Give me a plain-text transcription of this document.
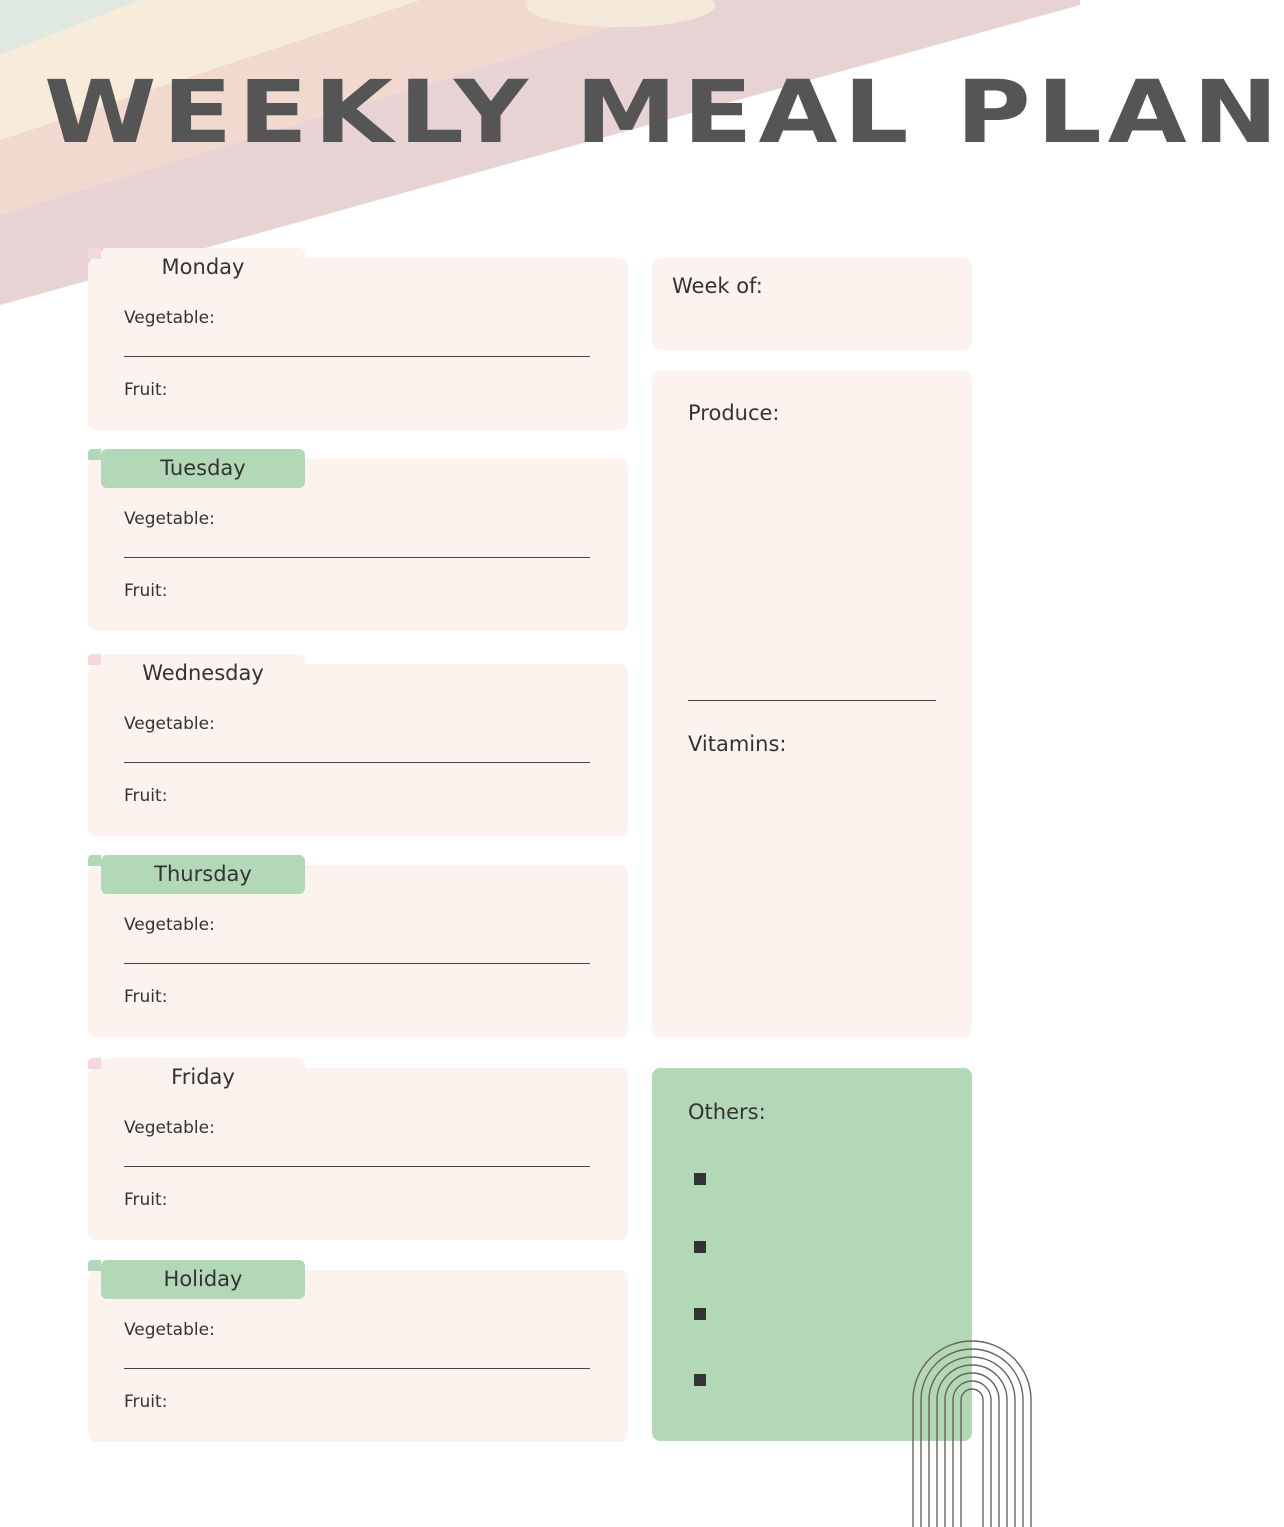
WEEKLY MEAL PLAN
Monday
Vegetable:
Fruit:
Tuesday
Vegetable:
Fruit:
Wednesday
Vegetable:
Fruit:
Thursday
Vegetable:
Fruit:
Friday
Vegetable:
Fruit:
Holiday
Vegetable:
Fruit:
Week of:
Produce:
Vitamins:
Others:
